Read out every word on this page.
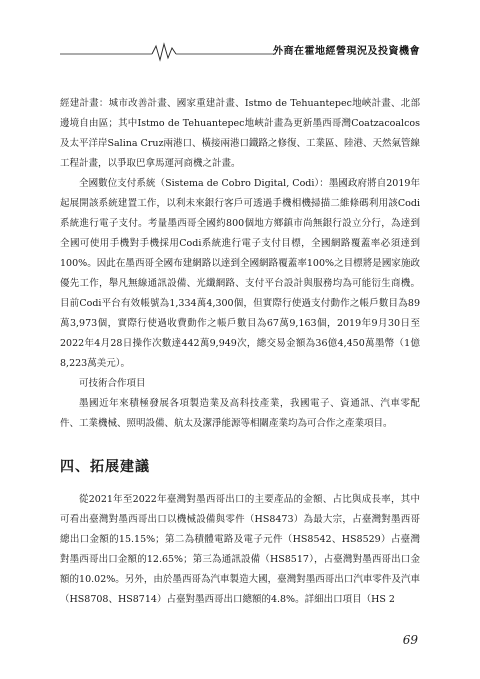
外商在霍地經營現況及投資機會

經建計畫：城市改善計畫、國家重建計畫、Istmo de Tehuantepec地峽計畫、北部邊境自由區；其中Istmo de Tehuantepec地峽計畫為更新墨西哥灣Coatzacoalcos及太平洋岸Salina Cruz兩港口、橫接兩港口鐵路之修復、工業區、陸港、天然氣管線工程計畫，以爭取巴拿馬運河商機之計畫。

全國數位支付系統（Sistema de Cobro Digital, Codi）：墨國政府將自2019年起展開該系統建置工作，以利未來銀行客戶可透過手機相機掃描二維條碼利用該Codi系統進行電子支付。考量墨西哥全國約800個地方鄉鎮市尚無銀行設立分行，為達到全國可使用手機對手機採用Codi系統進行電子支付目標，全國網路覆蓋率必須達到100%。因此在墨西哥全國布建網路以達到全國網路覆蓋率100%之目標將是國家施政優先工作，舉凡無線通訊設備、光纖網路、支付平台設計與服務均為可能衍生商機。目前Codi平台有效帳號為1,334萬4,300個，但實際行使過支付動作之帳戶數目為89萬3,973個，實際行使過收費動作之帳戶數目為67萬9,163個，2019年9月30日至2022年4月28日操作次數達442萬9,949次，總交易金額為36億4,450萬墨幣（1億8,223萬美元）。

可技術合作項目

墨國近年來積極發展各項製造業及高科技產業，我國電子、資通訊、汽車零配件、工業機械、照明設備、航太及潔淨能源等相關產業均為可合作之產業項目。

四、拓展建議

從2021年至2022年臺灣對墨西哥出口的主要產品的金額、占比與成長率，其中可看出臺灣對墨西哥出口以機械設備與零件（HS8473）為最大宗，占臺灣對墨西哥總出口金額的15.15%；第二為積體電路及電子元件（HS8542、HS8529）占臺灣對墨西哥出口金額的12.65%；第三為通訊設備（HS8517），占臺灣對墨西哥出口金額的10.02%。另外，由於墨西哥為汽車製造大國，臺灣對墨西哥出口汽車零件及汽車（HS8708、HS8714）占臺對墨西哥出口總額的4.8%。詳細出口項目（HS 2

69
